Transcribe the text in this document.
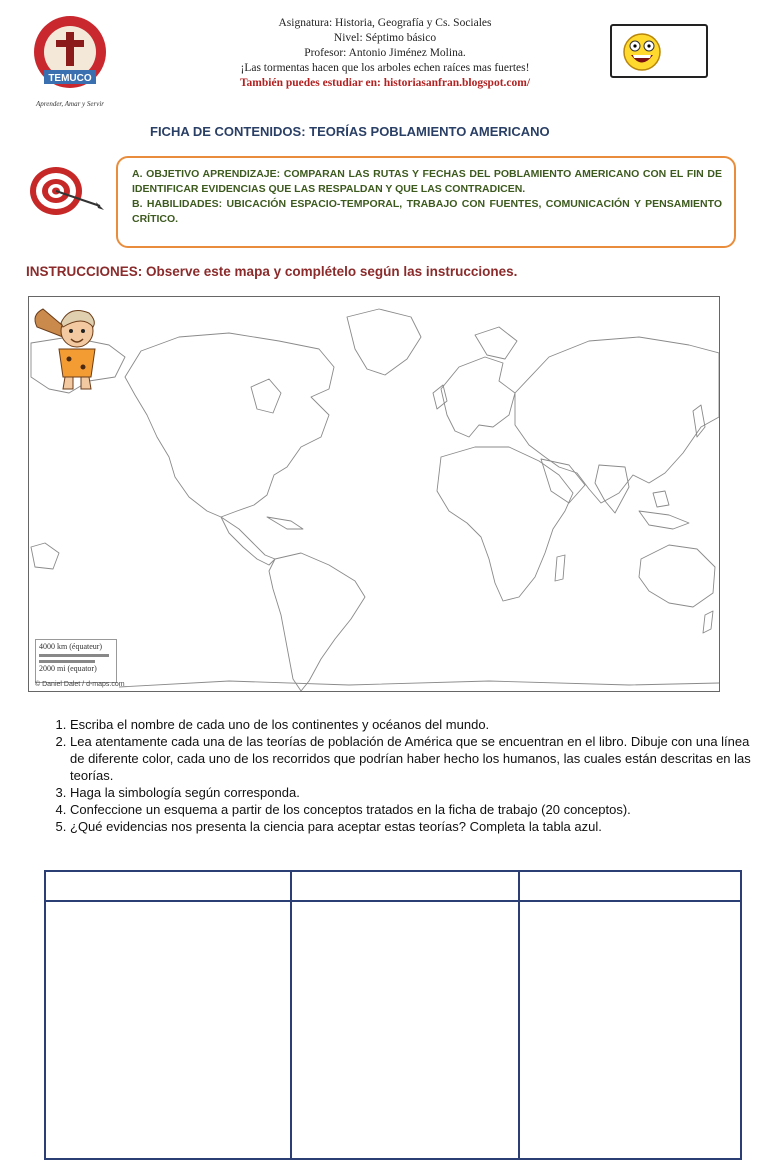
TEMUCO
Aprender, Amar y Servir
Asignatura: Historia, Geografía y Cs. Sociales
Nivel: Séptimo básico
Profesor: Antonio Jiménez Molina.
¡Las tormentas hacen que los arboles echen raíces mas fuertes!
También puedes estudiar en: historiasanfran.blogspot.com/
FICHA DE CONTENIDOS: TEORÍAS POBLAMIENTO AMERICANO

A. OBJETIVO APRENDIZAJE: COMPARAN LAS RUTAS Y FECHAS DEL POBLAMIENTO AMERICANO CON EL FIN DE IDENTIFICAR EVIDENCIAS QUE LAS RESPALDAN Y QUE LAS CONTRADICEN.

B. HABILIDADES: UBICACIÓN ESPACIO-TEMPORAL, TRABAJO CON FUENTES, COMUNICACIÓN Y PENSAMIENTO CRÍTICO.

INSTRUCCIONES: Observe este mapa y complételo según las instrucciones.
4000 km (équateur)
2000 mi (equator)
© Daniel Dalet / d-maps.com
1. Escriba el nombre de cada uno de los continentes y océanos del mundo.
2. Lea atentamente cada una de las teorías de población de América que se encuentran en el libro. Dibuje con una línea de diferente color, cada uno de los recorridos que podrían haber hecho los humanos, las cuales están descritas en las teorías.
3. Haga la simbología según corresponda.
4. Confeccione un esquema a partir de los conceptos tratados en la ficha de trabajo (20 conceptos).
5. ¿Qué evidencias nos presenta la ciencia para aceptar estas teorías? Completa la tabla azul.
